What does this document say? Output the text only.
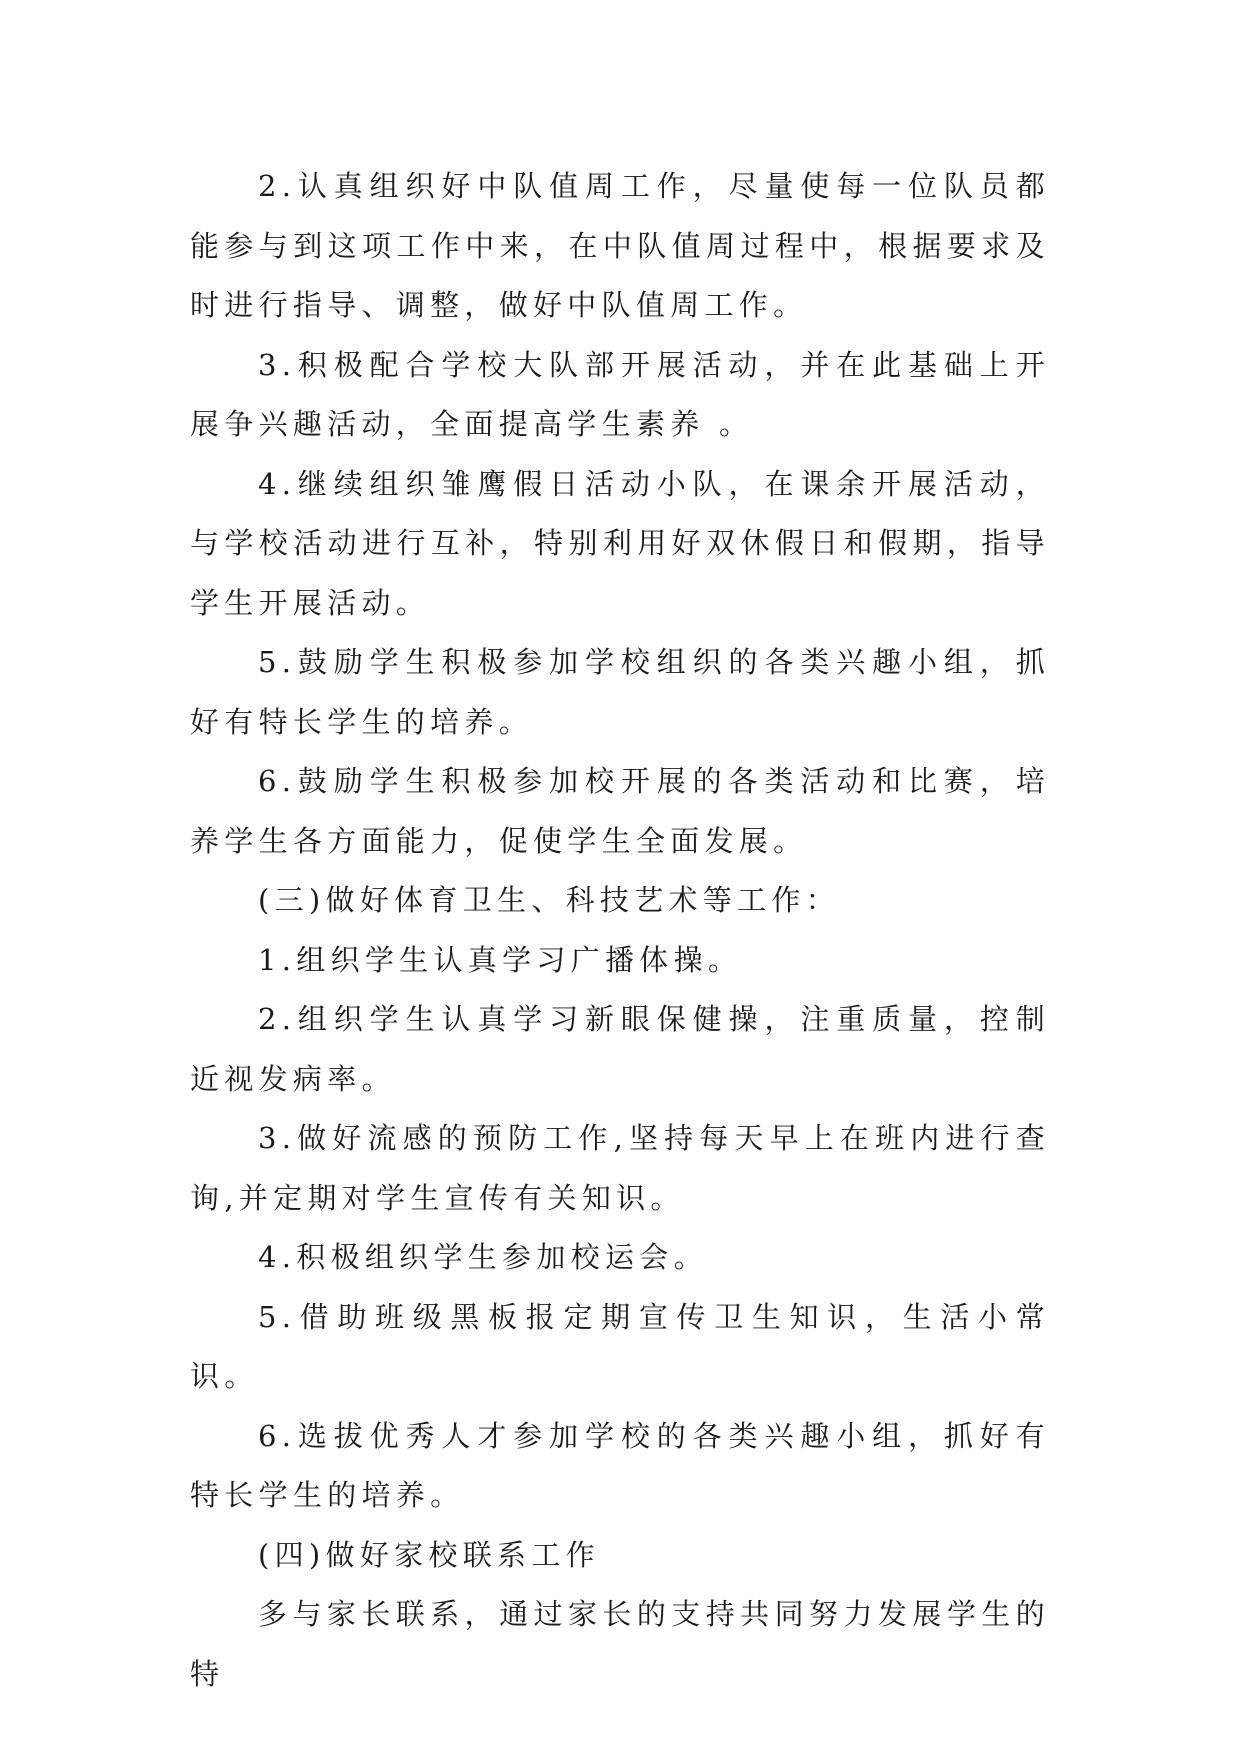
2.认真组织好中队值周工作，尽量使每一位队员都能参与到这项工作中来，在中队值周过程中，根据要求及时进行指导、调整，做好中队值周工作。

3.积极配合学校大队部开展活动，并在此基础上开展争兴趣活动，全面提高学生素养 。

4.继续组织雏鹰假日活动小队，在课余开展活动，与学校活动进行互补，特别利用好双休假日和假期，指导学生开展活动。

5.鼓励学生积极参加学校组织的各类兴趣小组，抓好有特长学生的培养。

6.鼓励学生积极参加校开展的各类活动和比赛，培养学生各方面能力，促使学生全面发展。

(三)做好体育卫生、科技艺术等工作：

1.组织学生认真学习广播体操。

2.组织学生认真学习新眼保健操，注重质量，控制近视发病率。

3.做好流感的预防工作,坚持每天早上在班内进行查询,并定期对学生宣传有关知识。

4.积极组织学生参加校运会。

5.借助班级黑板报定期宣传卫生知识，生活小常识。

6.选拔优秀人才参加学校的各类兴趣小组，抓好有特长学生的培养。

(四)做好家校联系工作

多与家长联系，通过家长的支持共同努力发展学生的特
